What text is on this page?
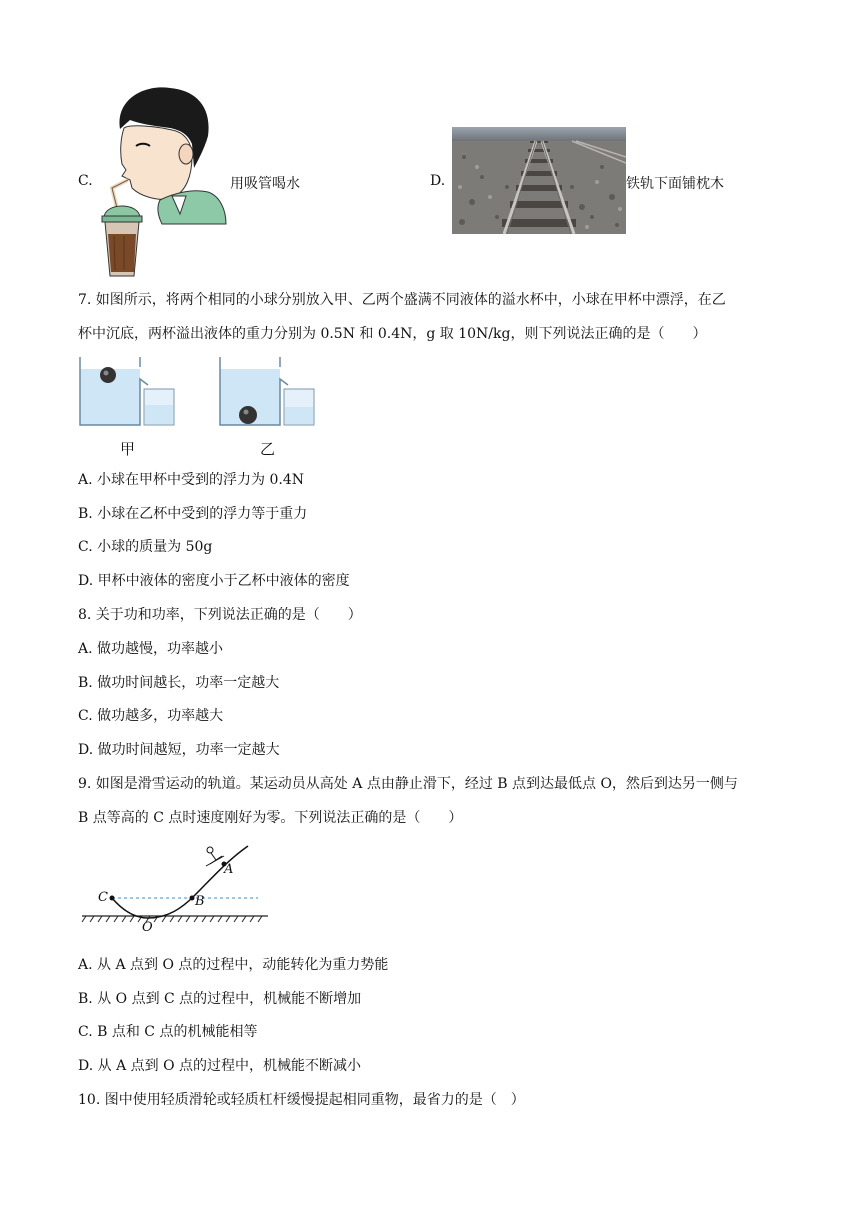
C.	用吸管喝水	D.	铁轨下面铺枕木
7. 如图所示，将两个相同的小球分别放入甲、乙两个盛满不同液体的溢水杯中，小球在甲杯中漂浮，在乙
杯中沉底，两杯溢出液体的重力分别为 0.5N 和 0.4N，g 取 10N/kg，则下列说法正确的是（　　）
甲	乙
A. 小球在甲杯中受到的浮力为 0.4N
B. 小球在乙杯中受到的浮力等于重力
C. 小球的质量为 50g
D. 甲杯中液体的密度小于乙杯中液体的密度
8. 关于功和功率，下列说法正确的是（　　）
A. 做功越慢，功率越小
B. 做功时间越长，功率一定越大
C. 做功越多，功率越大
D. 做功时间越短，功率一定越大
9. 如图是滑雪运动的轨道。某运动员从高处 A 点由静止滑下，经过 B 点到达最低点 O，然后到达另一侧与
B 点等高的 C 点时速度刚好为零。下列说法正确的是（　　）
C	B
A
O
A. 从 A 点到 O 点的过程中，动能转化为重力势能
B. 从 O 点到 C 点的过程中，机械能不断增加
C. B 点和 C 点的机械能相等
D. 从 A 点到 O 点的过程中，机械能不断减小
10. 图中使用轻质滑轮或轻质杠杆缓慢提起相同重物，最省力的是（　）
